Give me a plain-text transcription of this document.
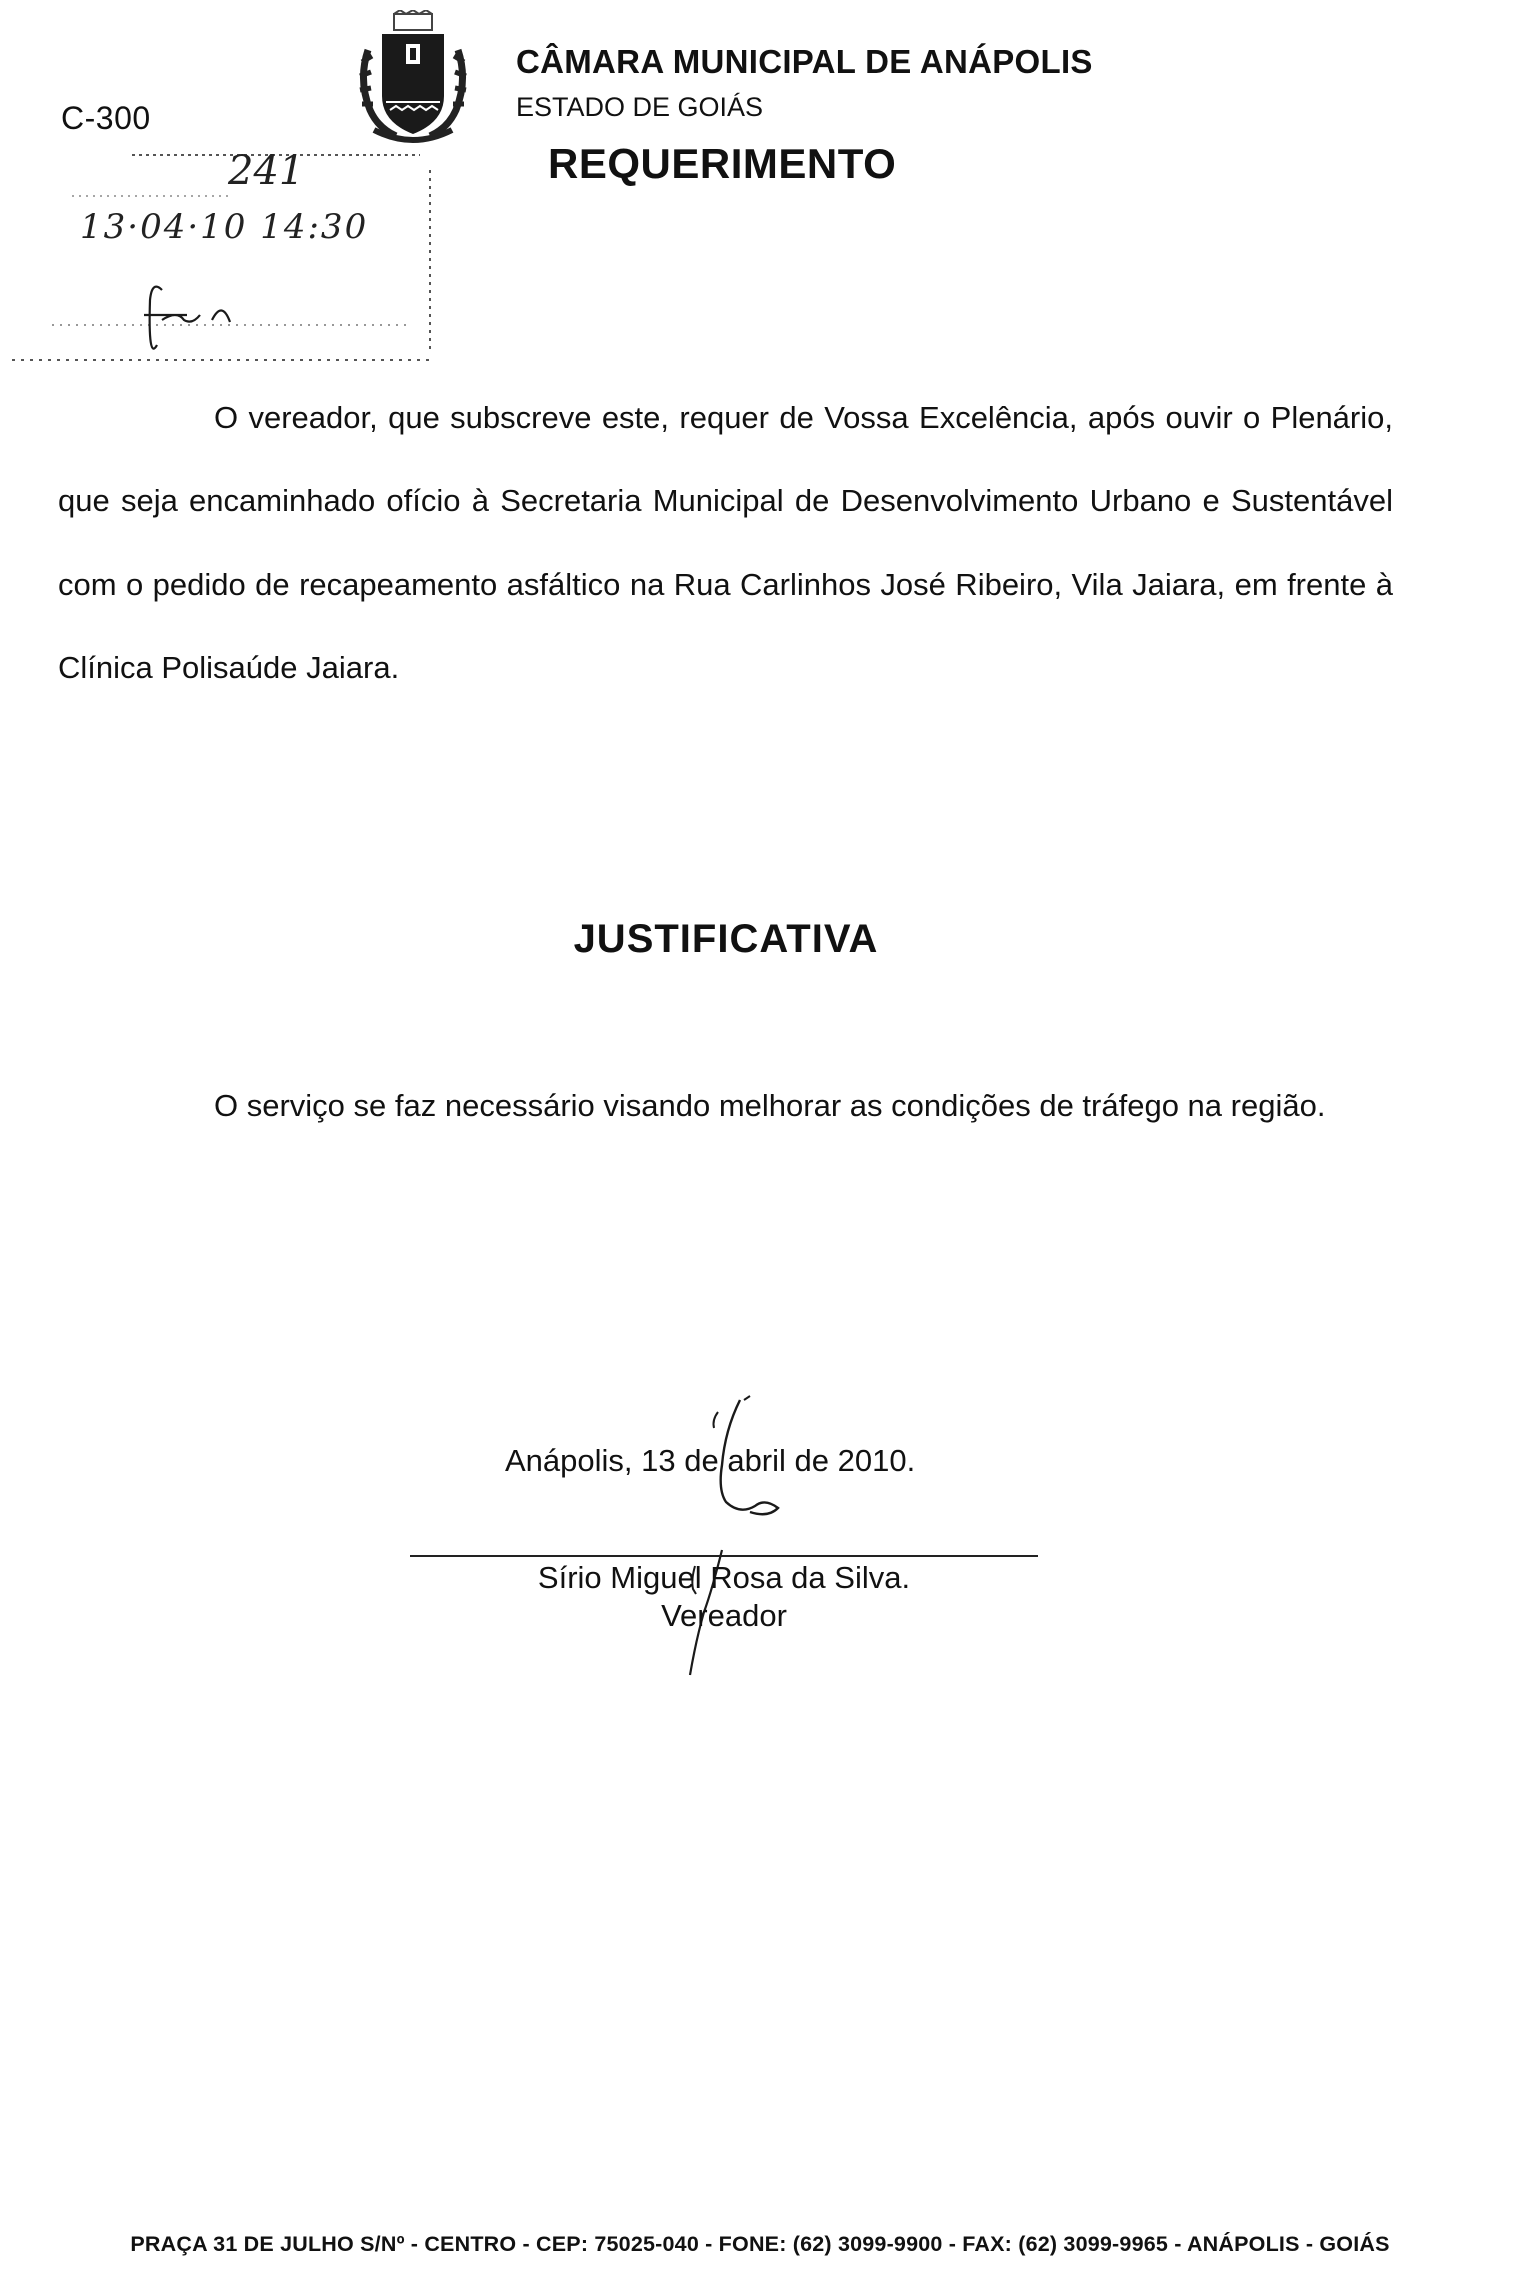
C-300
CÂMARA MUNICIPAL DE ANÁPOLIS
ESTADO DE GOIÁS
REQUERIMENTO
241
13·04·10 14:30
O vereador, que subscreve este, requer de Vossa Excelência, após ouvir o Plenário, que seja encaminhado ofício à Secretaria Municipal de Desenvolvimento Urbano e Sustentável com o pedido de recapeamento asfáltico na Rua Carlinhos José Ribeiro, Vila Jaiara, em frente à Clínica Polisaúde Jaiara.
JUSTIFICATIVA
O serviço se faz necessário visando melhorar as condições de tráfego na região.
Anápolis, 13 de abril de 2010.
Sírio Miguel Rosa da Silva.
Vereador
PRAÇA 31 DE JULHO S/Nº - CENTRO - CEP: 75025-040 - FONE: (62) 3099-9900 - FAX: (62) 3099-9965 - ANÁPOLIS - GOIÁS
